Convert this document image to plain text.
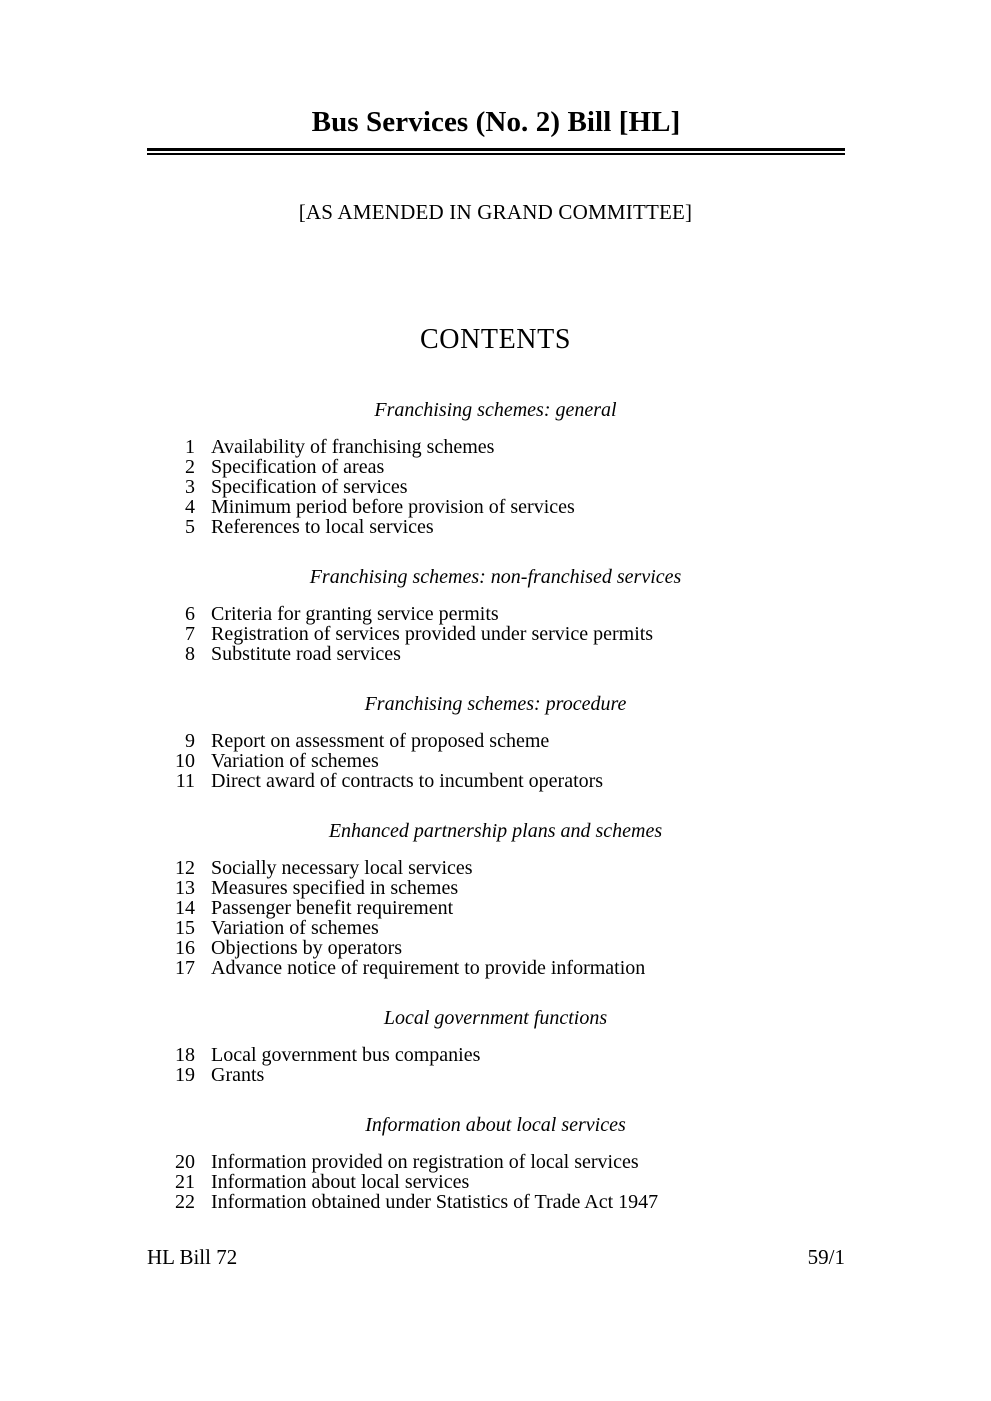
Bus Services (No. 2) Bill [HL]
[AS AMENDED IN GRAND COMMITTEE]
CONTENTS
Franchising schemes: general
1 Availability of franchising schemes
2 Specification of areas
3 Specification of services
4 Minimum period before provision of services
5 References to local services
Franchising schemes: non-franchised services
6 Criteria for granting service permits
7 Registration of services provided under service permits
8 Substitute road services
Franchising schemes: procedure
9 Report on assessment of proposed scheme
10 Variation of schemes
11 Direct award of contracts to incumbent operators
Enhanced partnership plans and schemes
12 Socially necessary local services
13 Measures specified in schemes
14 Passenger benefit requirement
15 Variation of schemes
16 Objections by operators
17 Advance notice of requirement to provide information
Local government functions
18 Local government bus companies
19 Grants
Information about local services
20 Information provided on registration of local services
21 Information about local services
22 Information obtained under Statistics of Trade Act 1947
HL Bill 72	59/1
